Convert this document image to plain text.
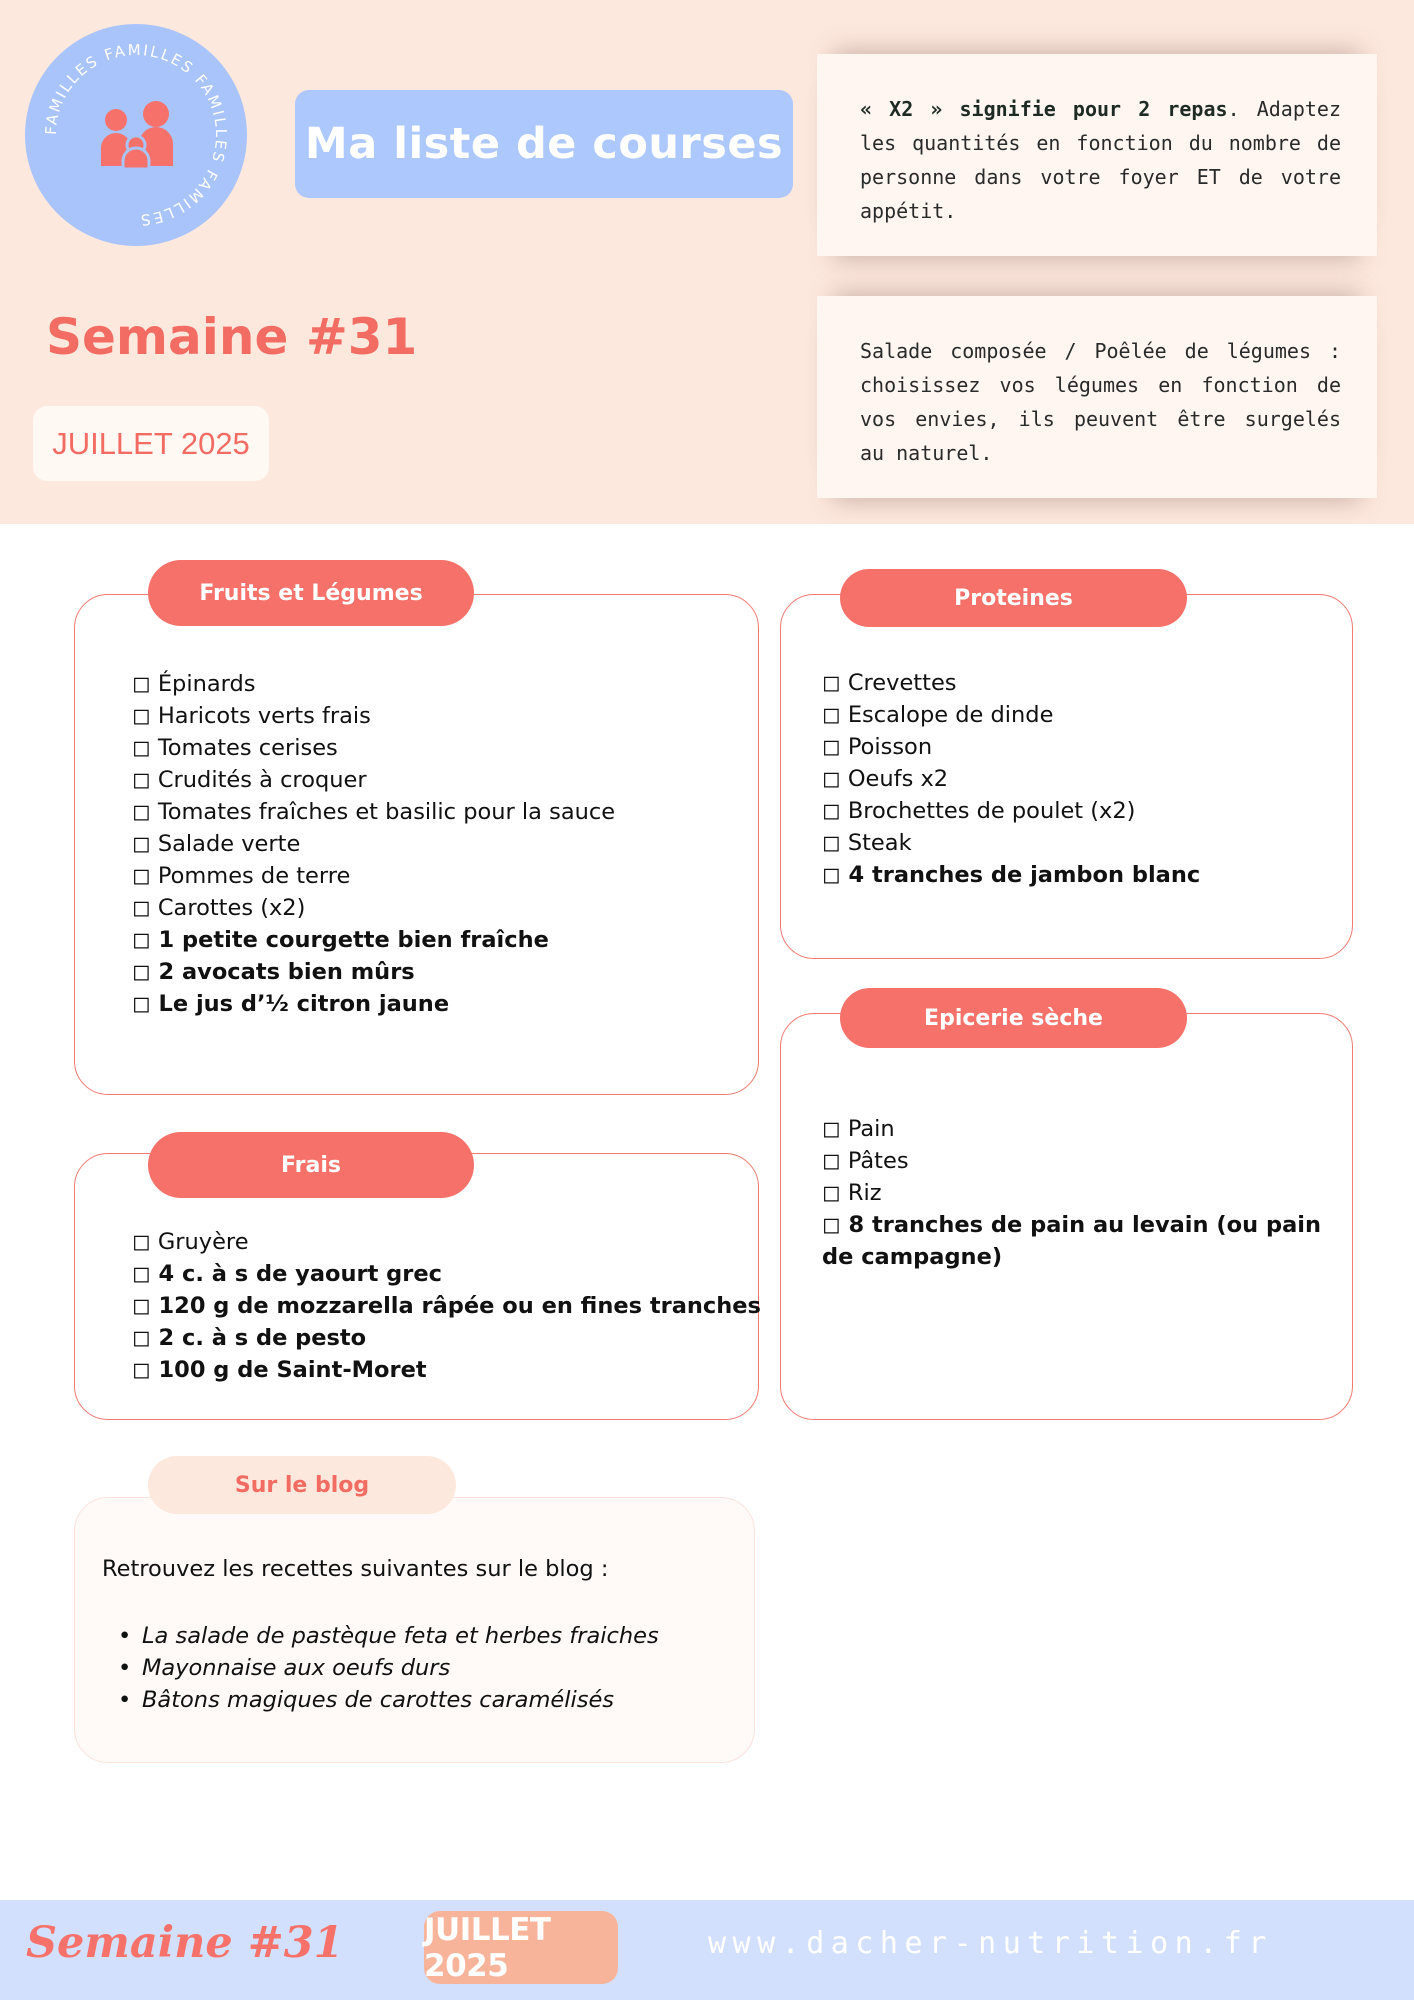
FAMILLES FAMILLES FAMILLES FAMILLES
Ma liste de courses
Semaine #31
JUILLET 2025
« X2 » signifie pour 2 repas. Adaptez les quantités en fonction du nombre de personne dans votre foyer ET de votre appétit.
Salade composée / Poêlée de légumes : choisissez vos légumes en fonction de vos envies, ils peuvent être surgelés au naturel.
Fruits et Légumes
◻ Épinards
◻ Haricots verts frais
◻ Tomates cerises
◻ Crudités à croquer
◻ Tomates fraîches et basilic pour la sauce
◻ Salade verte
◻ Pommes de terre
◻ Carottes (x2)
◻ 1 petite courgette bien fraîche
◻ 2 avocats bien mûrs
◻ Le jus d’½ citron jaune
Proteines
◻ Crevettes
◻ Escalope de dinde
◻ Poisson
◻ Oeufs x2
◻ Brochettes de poulet (x2)
◻ Steak
◻ 4 tranches de jambon blanc
Frais
◻ Gruyère
◻ 4 c. à s de yaourt grec
◻ 120 g de mozzarella râpée ou en fines tranches
◻ 2 c. à s de pesto
◻ 100 g de Saint-Moret
Epicerie sèche
◻ Pain
◻ Pâtes
◻ Riz
◻ 8 tranches de pain au levain (ou pain
de campagne)
Sur le blog
Retrouvez les recettes suivantes sur le blog :
• La salade de pastèque feta et herbes fraiches
• Mayonnaise aux oeufs durs
• Bâtons magiques de carottes caramélisés
Semaine #31	JUILLET 2025
www.dacher-nutrition.fr
